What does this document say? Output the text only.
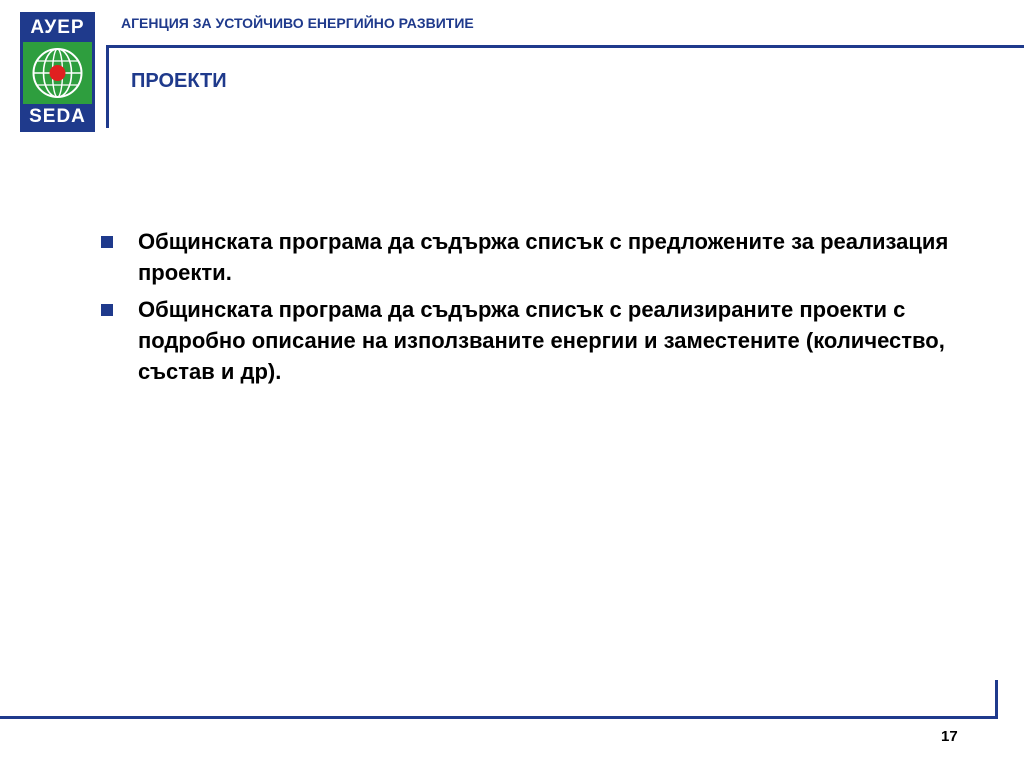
АУЕР
SEDA
АГЕНЦИЯ ЗА УСТОЙЧИВО ЕНЕРГИЙНО РАЗВИТИЕ
ПРОЕКТИ
Общинската програма да съдържа списък с предложените за реализация проекти.
Общинската програма да съдържа списък с реализираните проекти с подробно описание на използваните енергии и заместените (количество, състав и др).
17
